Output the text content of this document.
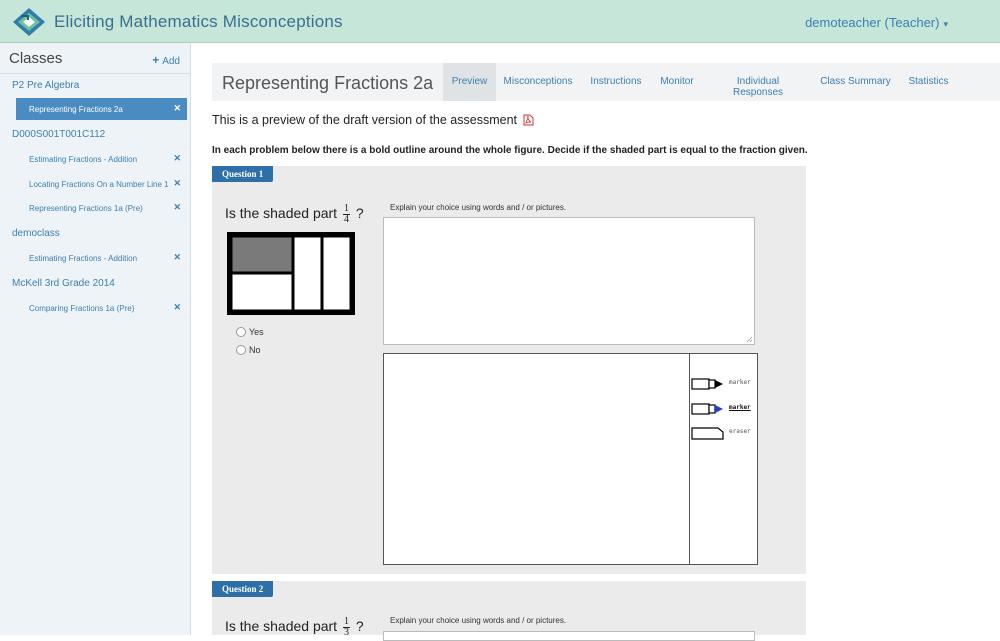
Eliciting Mathematics Misconceptions	demoteacher (Teacher) ▾
Classes	+ Add
P2 Pre Algebra
Representing Fractions 2a	✕
D000S001T001C112
Estimating Fractions - Addition	✕
Locating Fractions On a Number Line 1 ✕
Representing Fractions 1a (Pre)	✕
democlass
Estimating Fractions - Addition	✕
McKell 3rd Grade 2014
Comparing Fractions 1a (Pre)	✕
Representing Fractions 2a	Preview	Misconceptions Instructions	Monitor	Individual Responses
Class Summary	Statistics
This is a preview of the draft version of the assessment
In each problem below there is a bold outline around the whole figure. Decide if the shaded part is equal to the fraction given.
Question 1
Is the shaded part $\frac{1}{4}$ ?	Explain your choice using words and / or pictures.
Yes
No
marker
marker
eraser
Question 2
Is the shaded part $\frac{1}{3}$ ?	Explain your choice using words and / or pictures.
